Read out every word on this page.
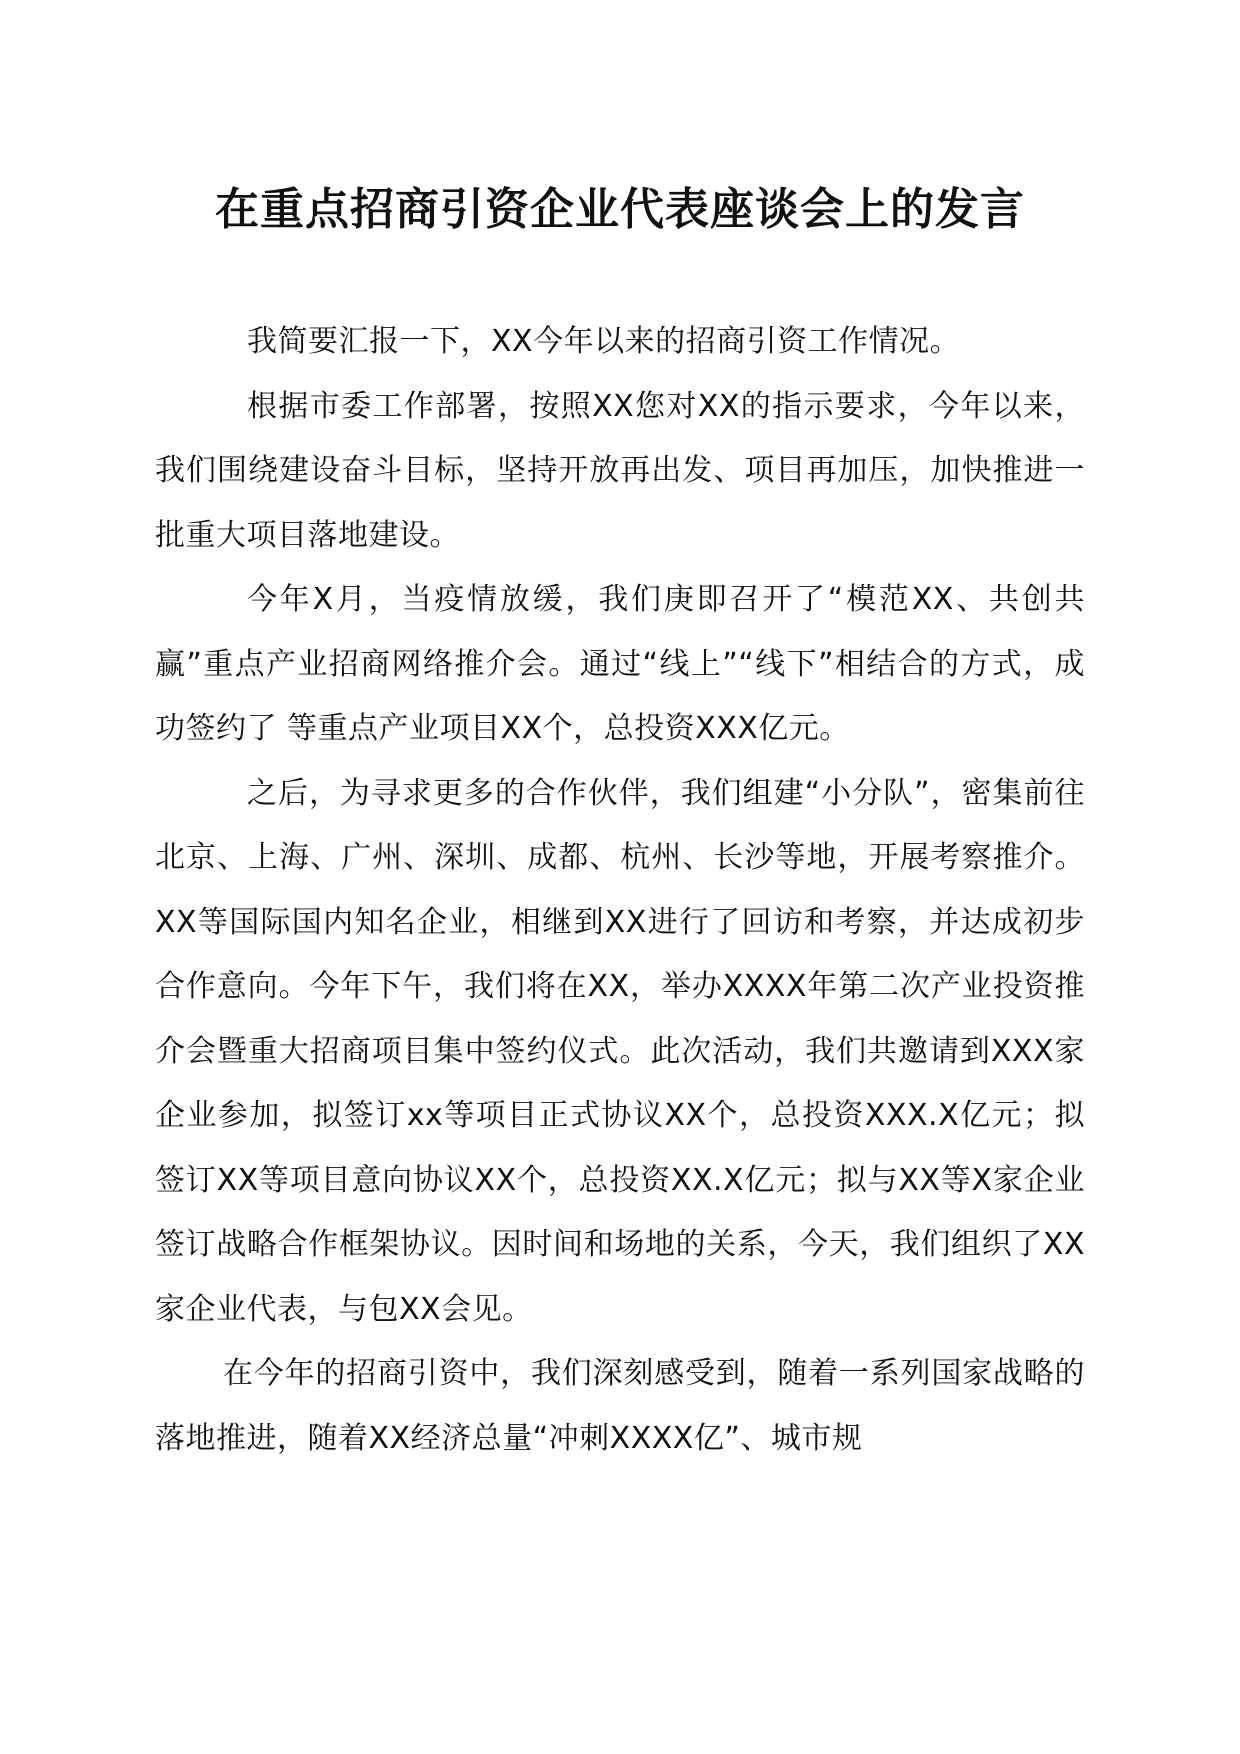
在重点招商引资企业代表座谈会上的发言

我简要汇报一下，XX今年以来的招商引资工作情况。

根据市委工作部署，按照XX您对XX的指示要求，今年以来，我们围绕建设奋斗目标，坚持开放再出发、项目再加压，加快推进一批重大项目落地建设。

今年X月，当疫情放缓，我们庚即召开了“模范XX、共创共赢”重点产业招商网络推介会。通过“线上”“线下”相结合的方式，成功签约了 等重点产业项目XX个，总投资XXX亿元。

之后，为寻求更多的合作伙伴，我们组建“小分队”，密集前往北京、上海、广州、深圳、成都、杭州、长沙等地，开展考察推介。XX等国际国内知名企业，相继到XX进行了回访和考察，并达成初步合作意向。今年下午，我们将在XX，举办XXXX年第二次产业投资推介会暨重大招商项目集中签约仪式。此次活动，我们共邀请到XXX家企业参加，拟签订xx等项目正式协议XX个，总投资XXX.X亿元；拟签订XX等项目意向协议XX个，总投资XX.X亿元；拟与XX等X家企业签订战略合作框架协议。因时间和场地的关系，今天，我们组织了XX家企业代表，与包XX会见。

在今年的招商引资中，我们深刻感受到，随着一系列国家战略的落地推进，随着XX经济总量“冲刺XXXX亿”、城市规
